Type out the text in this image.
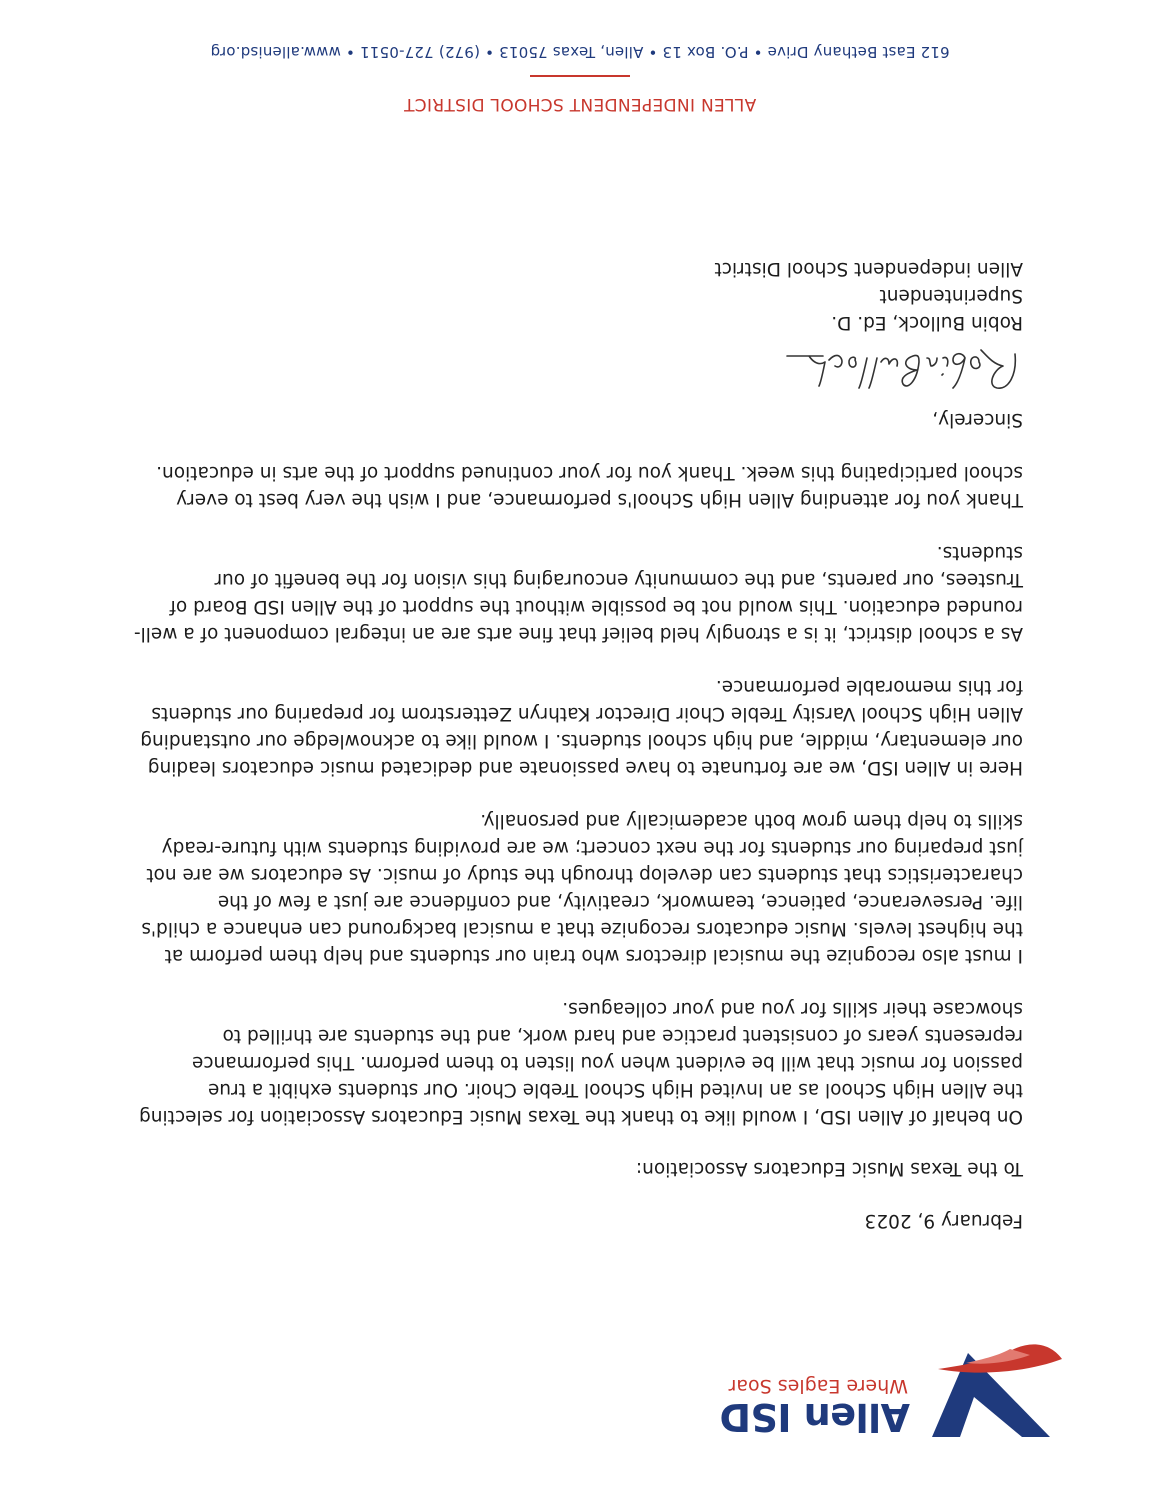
Allen ISD
Where Eagles Soar

February 9, 2023

To the Texas Music Educators Association:

On behalf of Allen ISD, I would like to thank the Texas Music Educators Association for selecting the Allen High School as an Invited High School Treble Choir. Our students exhibit a true passion for music that will be evident when you listen to them perform. This performance represents years of consistent practice and hard work, and the students are thrilled to showcase their skills for you and your colleagues.

I must also recognize the musical directors who train our students and help them perform at the highest levels. Music educators recognize that a musical background can enhance a child's life. Perseverance, patience, teamwork, creativity, and confidence are just a few of the characteristics that students can develop through the study of music. As educators we are not just preparing our students for the next concert; we are providing students with future-ready skills to help them grow both academically and personally.

Here in Allen ISD, we are fortunate to have passionate and dedicated music educators leading our elementary, middle, and high school students. I would like to acknowledge our outstanding Allen High School Varsity Treble Choir Director Kathryn Zetterstrom for preparing our students for this memorable performance.

As a school district, it is a strongly held belief that fine arts are an integral component of a well-rounded education. This would not be possible without the support of the Allen ISD Board of Trustees, our parents, and the community encouraging this vision for the benefit of our students.

Thank you for attending Allen High School's performance, and I wish the very best to every school participating this week. Thank you for your continued support of the arts in education.

Sincerely,

Robin Bullock, Ed. D.

Superintendent

Allen independent School District

ALLEN INDEPENDENT SCHOOL DISTRICT
612 East Bethany Drive • P.O. Box 13 • Allen, Texas 75013 • (972) 727-0511 • www.allenisd.org
